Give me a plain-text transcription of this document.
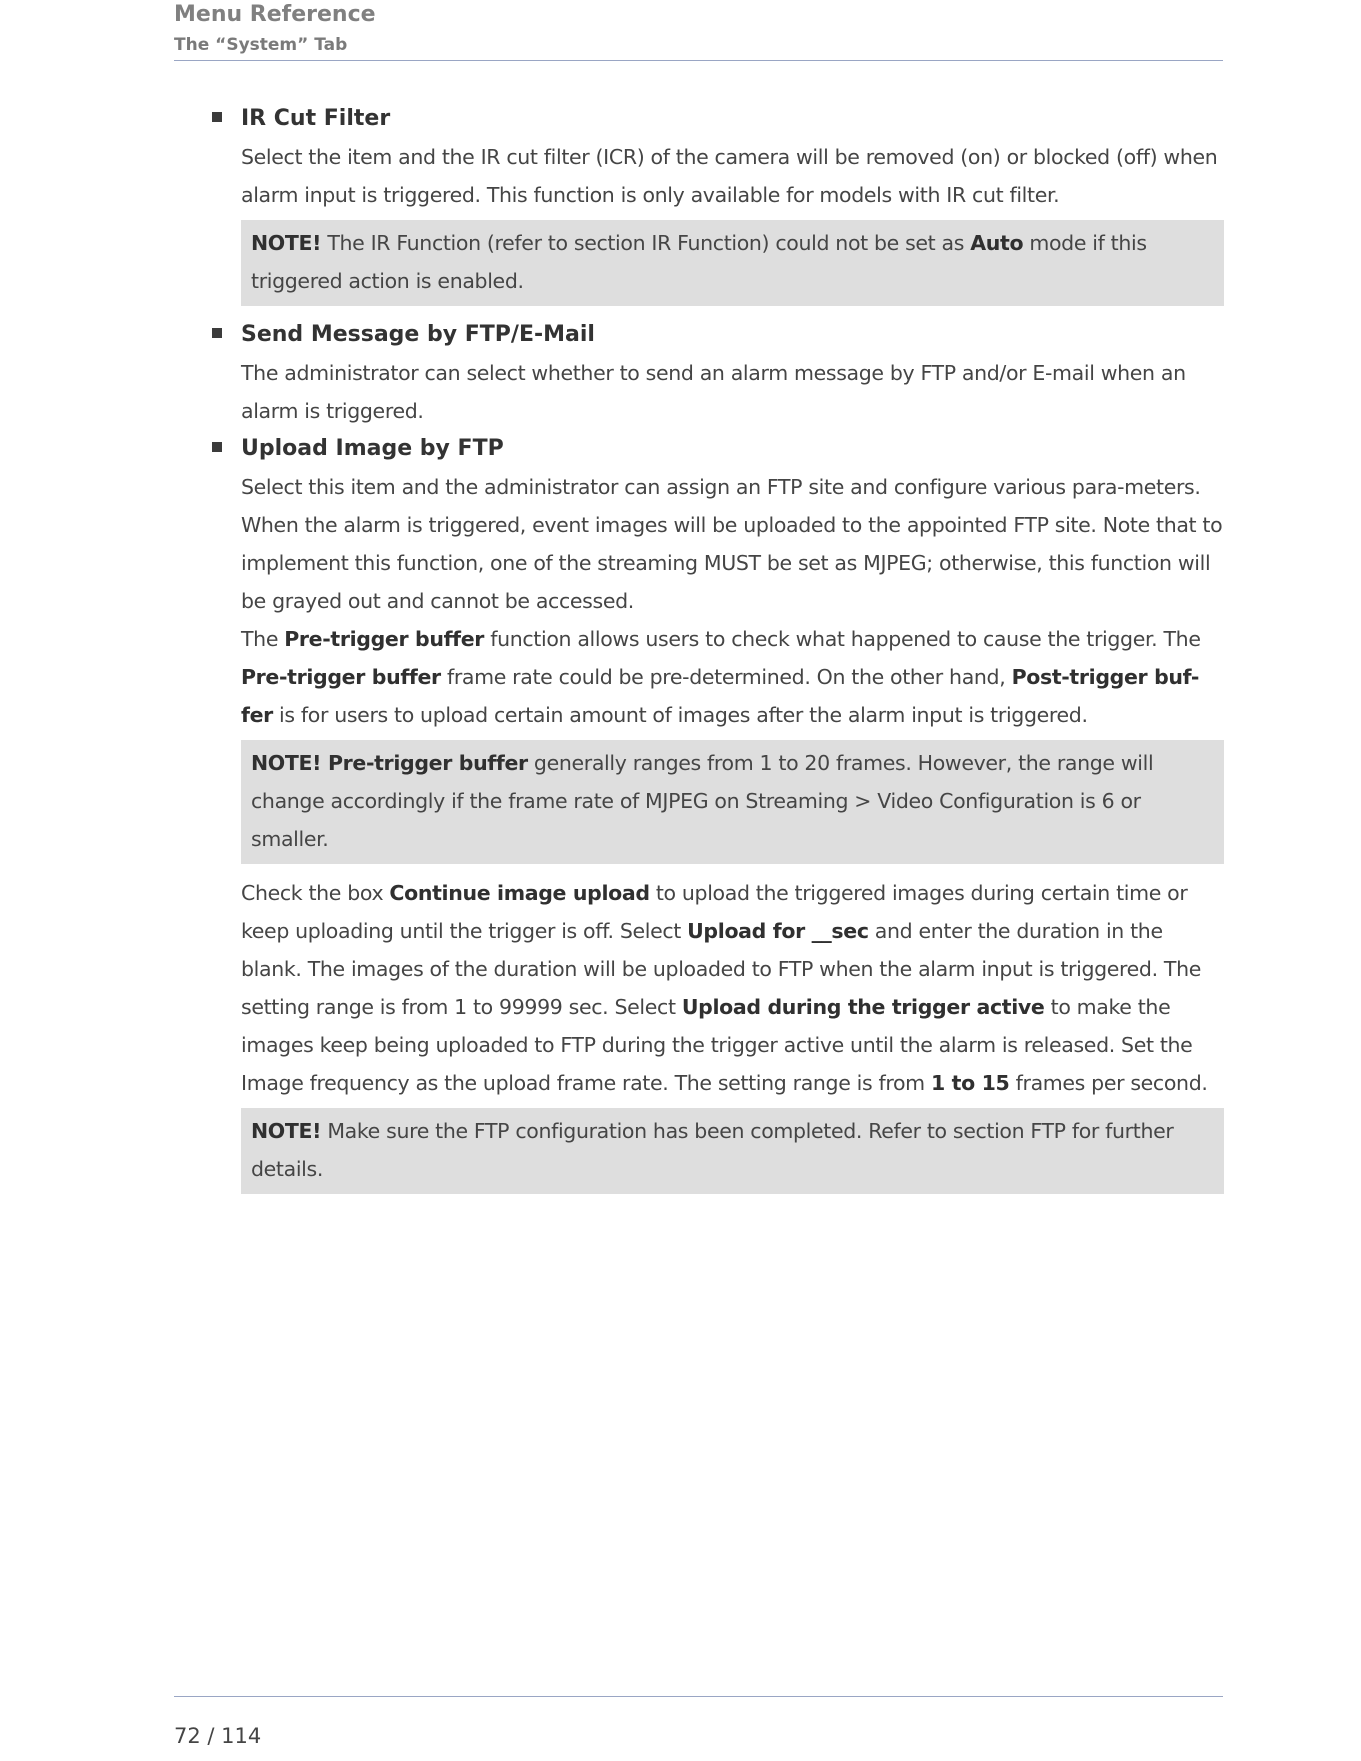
Menu Reference
The “System” Tab
IR Cut Filter
Select the item and the IR cut filter (ICR) of the camera will be removed (on) or blocked (off) when alarm input is triggered. This function is only available for models with IR cut filter.
NOTE! The IR Function (refer to section IR Function) could not be set as Auto mode if this triggered action is enabled.
Send Message by FTP/E-Mail
The administrator can select whether to send an alarm message by FTP and/or E-mail when an alarm is triggered.
Upload Image by FTP
Select this item and the administrator can assign an FTP site and configure various para-meters. When the alarm is triggered, event images will be uploaded to the appointed FTP site. Note that to implement this function, one of the streaming MUST be set as MJPEG; otherwise, this function will be grayed out and cannot be accessed.
The Pre-trigger buffer function allows users to check what happened to cause the trigger. The Pre-trigger buffer frame rate could be pre-determined. On the other hand, Post-trigger buf-fer is for users to upload certain amount of images after the alarm input is triggered.
NOTE! Pre-trigger buffer generally ranges from 1 to 20 frames. However, the range will change accordingly if the frame rate of MJPEG on Streaming > Video Configuration is 6 or smaller.
Check the box Continue image upload to upload the triggered images during certain time or keep uploading until the trigger is off. Select Upload for __sec and enter the duration in the blank. The images of the duration will be uploaded to FTP when the alarm input is triggered. The setting range is from 1 to 99999 sec. Select Upload during the trigger active to make the images keep being uploaded to FTP during the trigger active until the alarm is released. Set the Image frequency as the upload frame rate. The setting range is from 1 to 15 frames per second.
NOTE! Make sure the FTP configuration has been completed. Refer to section FTP for further details.
72 / 114
